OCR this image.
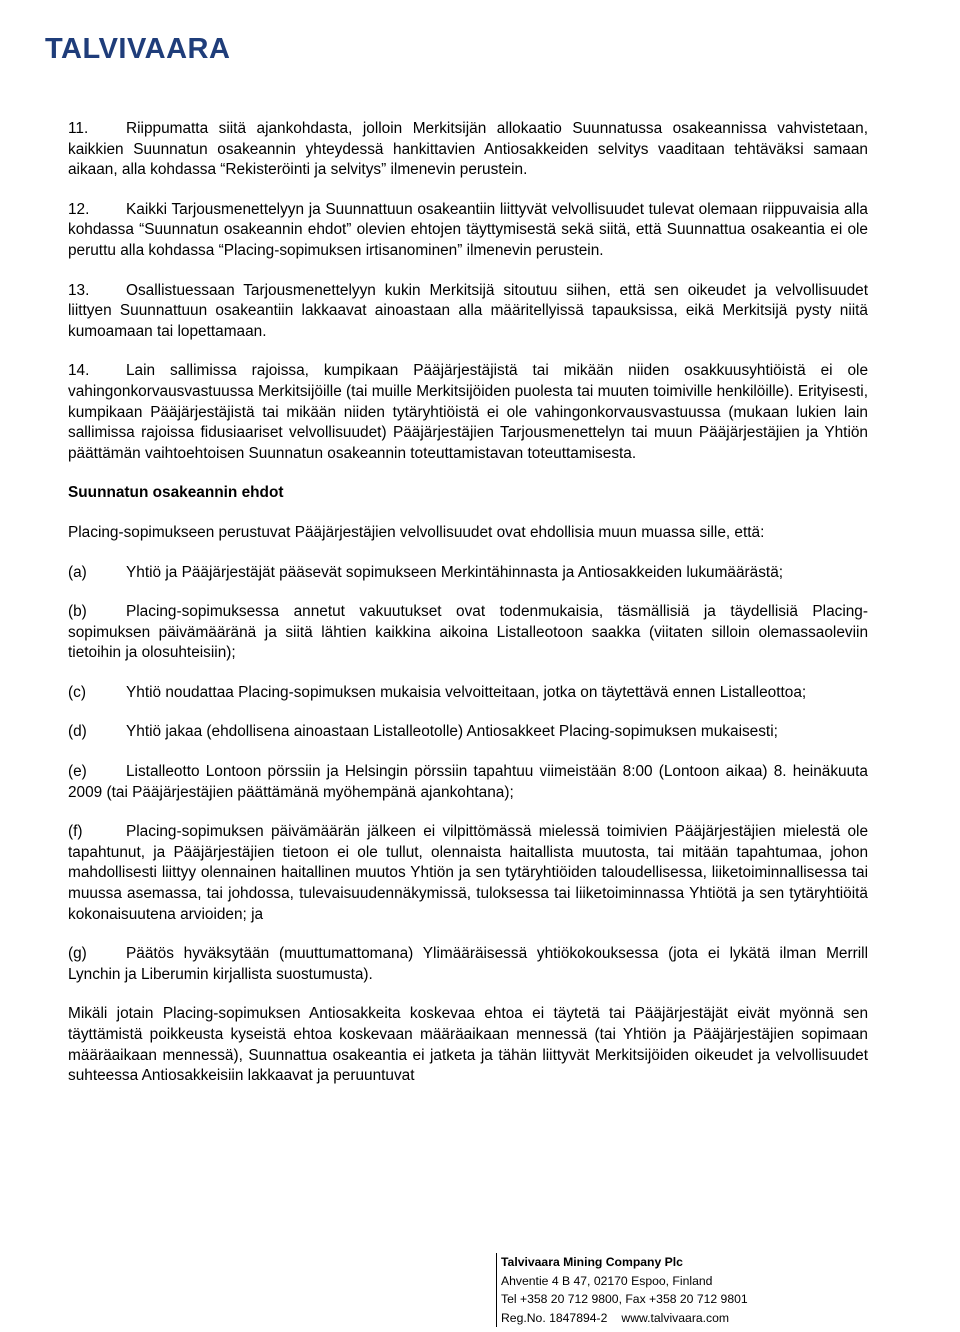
TALVIVAARA

11. Riippumatta siitä ajankohdasta, jolloin Merkitsijän allokaatio Suunnatussa osakeannissa vahvistetaan, kaikkien Suunnatun osakeannin yhteydessä hankittavien Antiosakkeiden selvitys vaaditaan tehtäväksi samaan aikaan, alla kohdassa “Rekisteröinti ja selvitys” ilmenevin perustein.

12. Kaikki Tarjousmenettelyyn ja Suunnattuun osakeantiin liittyvät velvollisuudet tulevat olemaan riippuvaisia alla kohdassa “Suunnatun osakeannin ehdot” olevien ehtojen täyttymisestä sekä siitä, että Suunnattua osakeantia ei ole peruttu alla kohdassa “Placing-sopimuksen irtisanominen” ilmenevin perustein.

13. Osallistuessaan Tarjousmenettelyyn kukin Merkitsijä sitoutuu siihen, että sen oikeudet ja velvollisuudet liittyen Suunnattuun osakeantiin lakkaavat ainoastaan alla määritellyissä tapauksissa, eikä Merkitsijä pysty niitä kumoamaan tai lopettamaan.

14. Lain sallimissa rajoissa, kumpikaan Pääjärjestäjistä tai mikään niiden osakkuusyhtiöistä ei ole vahingonkorvausvastuussa Merkitsijöille (tai muille Merkitsijöiden puolesta tai muuten toimiville henkilöille). Erityisesti, kumpikaan Pääjärjestäjistä tai mikään niiden tytäryhtiöistä ei ole vahingonkorvausvastuussa (mukaan lukien lain sallimissa rajoissa fidusiaariset velvollisuudet) Pääjärjestäjien Tarjousmenettelyn tai muun Pääjärjestäjien ja Yhtiön päättämän vaihtoehtoisen Suunnatun osakeannin toteuttamistavan toteuttamisesta.

Suunnatun osakeannin ehdot

Placing-sopimukseen perustuvat Pääjärjestäjien velvollisuudet ovat ehdollisia muun muassa sille, että:

(a)	Yhtiö ja Pääjärjestäjät pääsevät sopimukseen Merkintähinnasta ja Antiosakkeiden lukumäärästä;

(b)	Placing-sopimuksessa annetut vakuutukset ovat todenmukaisia, täsmällisiä ja täydellisiä Placing-sopimuksen päivämääränä ja siitä lähtien kaikkina aikoina Listalleotoon saakka (viitaten silloin olemassaoleviin tietoihin ja olosuhteisiin);

(c)	Yhtiö noudattaa Placing-sopimuksen mukaisia velvoitteitaan, jotka on täytettävä ennen Listalleottoa;

(d)	Yhtiö jakaa (ehdollisena ainoastaan Listalleotolle) Antiosakkeet Placing-sopimuksen mukaisesti;

(e)	Listalleotto Lontoon pörssiin ja Helsingin pörssiin tapahtuu viimeistään 8:00 (Lontoon aikaa) 8. heinäkuuta 2009 (tai Pääjärjestäjien päättämänä myöhempänä ajankohtana);

(f)	Placing-sopimuksen päivämäärän jälkeen ei vilpittömässä mielessä toimivien Pääjärjestäjien mielestä ole tapahtunut, ja Pääjärjestäjien tietoon ei ole tullut, olennaista haitallista muutosta, tai mitään tapahtumaa, johon mahdollisesti liittyy olennainen haitallinen muutos Yhtiön ja sen tytäryhtiöiden taloudellisessa, liiketoiminnallisessa tai muussa asemassa, tai johdossa, tulevaisuudennäkymissä, tuloksessa tai liiketoiminnassa Yhtiötä ja sen tytäryhtiöitä kokonaisuutena arvioiden; ja

(g)	Päätös hyväksytään (muuttumattomana) Ylimääräisessä yhtiökokouksessa (jota ei lykätä ilman Merrill Lynchin ja Liberumin kirjallista suostumusta).

Mikäli jotain Placing-sopimuksen Antiosakkeita koskevaa ehtoa ei täytetä tai Pääjärjestäjät eivät myönnä sen täyttämistä poikkeusta kyseistä ehtoa koskevaan määräaikaan mennessä (tai Yhtiön ja Pääjärjestäjien sopimaan määräaikaan mennessä), Suunnattua osakeantia ei jatketa ja tähän liittyvät Merkitsijöiden oikeudet ja velvollisuudet suhteessa Antiosakkeisiin lakkaavat ja peruuntuvat

Talvivaara Mining Company Plc
Ahventie 4 B 47, 02170 Espoo, Finland
Tel +358 20 712 9800, Fax +358 20 712 9801
Reg.No. 1847894-2 www.talvivaara.com
